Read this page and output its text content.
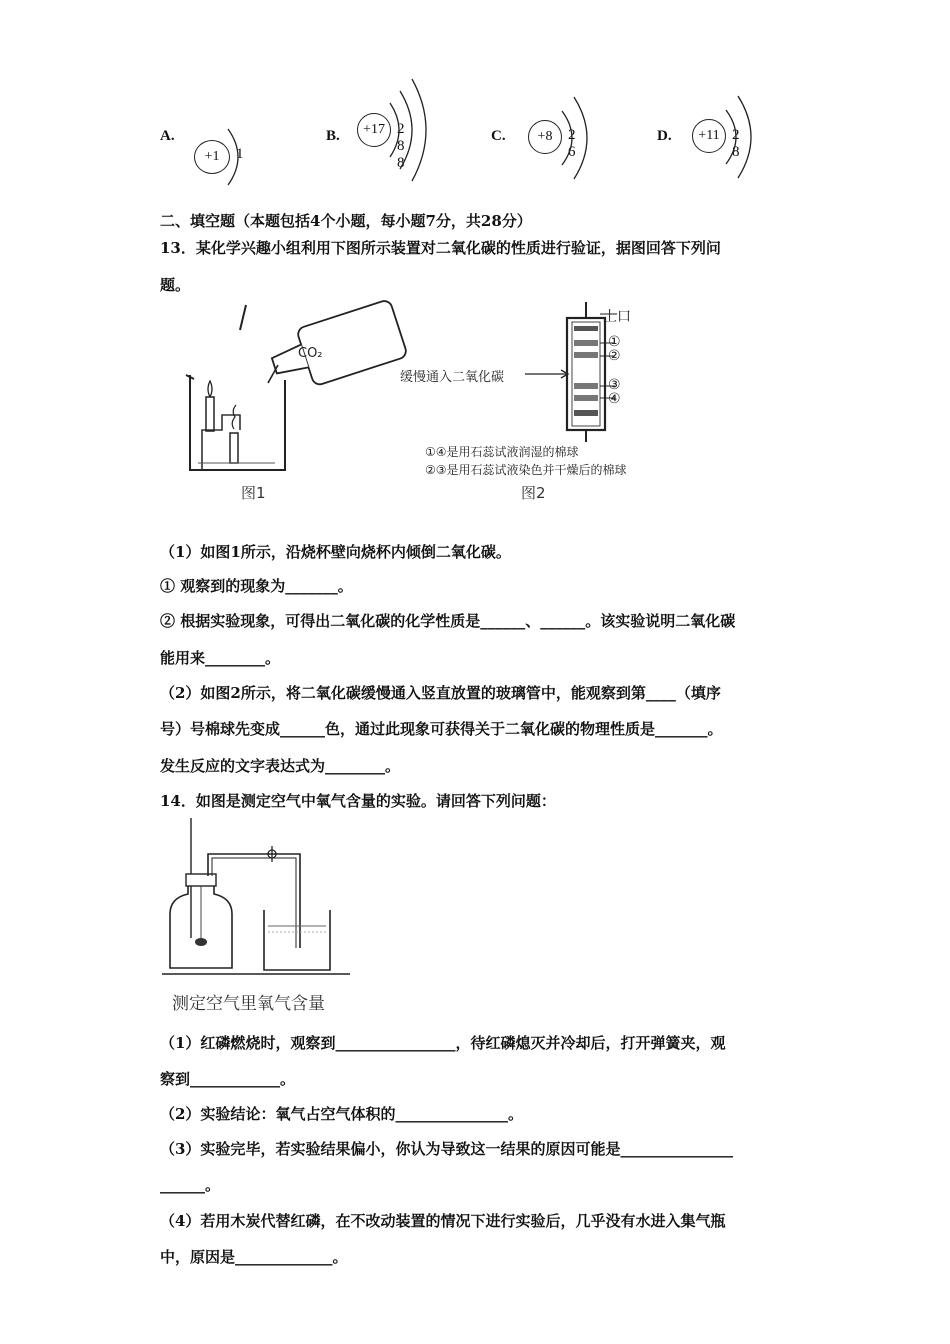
A.
+1	1
B.	+17 2 8 8
C.	+8	2 6
D.	+11 2 8
二、填空题（本题包括4个小题，每小题7分，共28分）
13．某化学兴趣小组利用下图所示装置对二氧化碳的性质进行验证，据图回答下列问
题。
CO₂
图1
上口
①
②
③
④
缓慢通入二氧化碳
①④是用石蕊试液润湿的棉球
②③是用石蕊试液染色并干燥后的棉球
图2
（1）如图1所示，沿烧杯壁向烧杯内倾倒二氧化碳。
① 观察到的现象为_______。
② 根据实验现象，可得出二氧化碳的化学性质是______、______。该实验说明二氧化碳
能用来________。
（2）如图2所示，将二氧化碳缓慢通入竖直放置的玻璃管中，能观察到第____（填序
号）号棉球先变成______色，通过此现象可获得关于二氧化碳的物理性质是_______。
发生反应的文字表达式为________。
14．如图是测定空气中氧气含量的实验。请回答下列问题：
测定空气里氧气含量
（1）红磷燃烧时，观察到________________，待红磷熄灭并冷却后，打开弹簧夹，观
察到____________。
（2）实验结论：氧气占空气体积的_______________。
（3）实验完毕，若实验结果偏小，你认为导致这一结果的原因可能是_______________
______。
（4）若用木炭代替红磷，在不改动装置的情况下进行实验后，几乎没有水进入集气瓶
中，原因是_____________。
